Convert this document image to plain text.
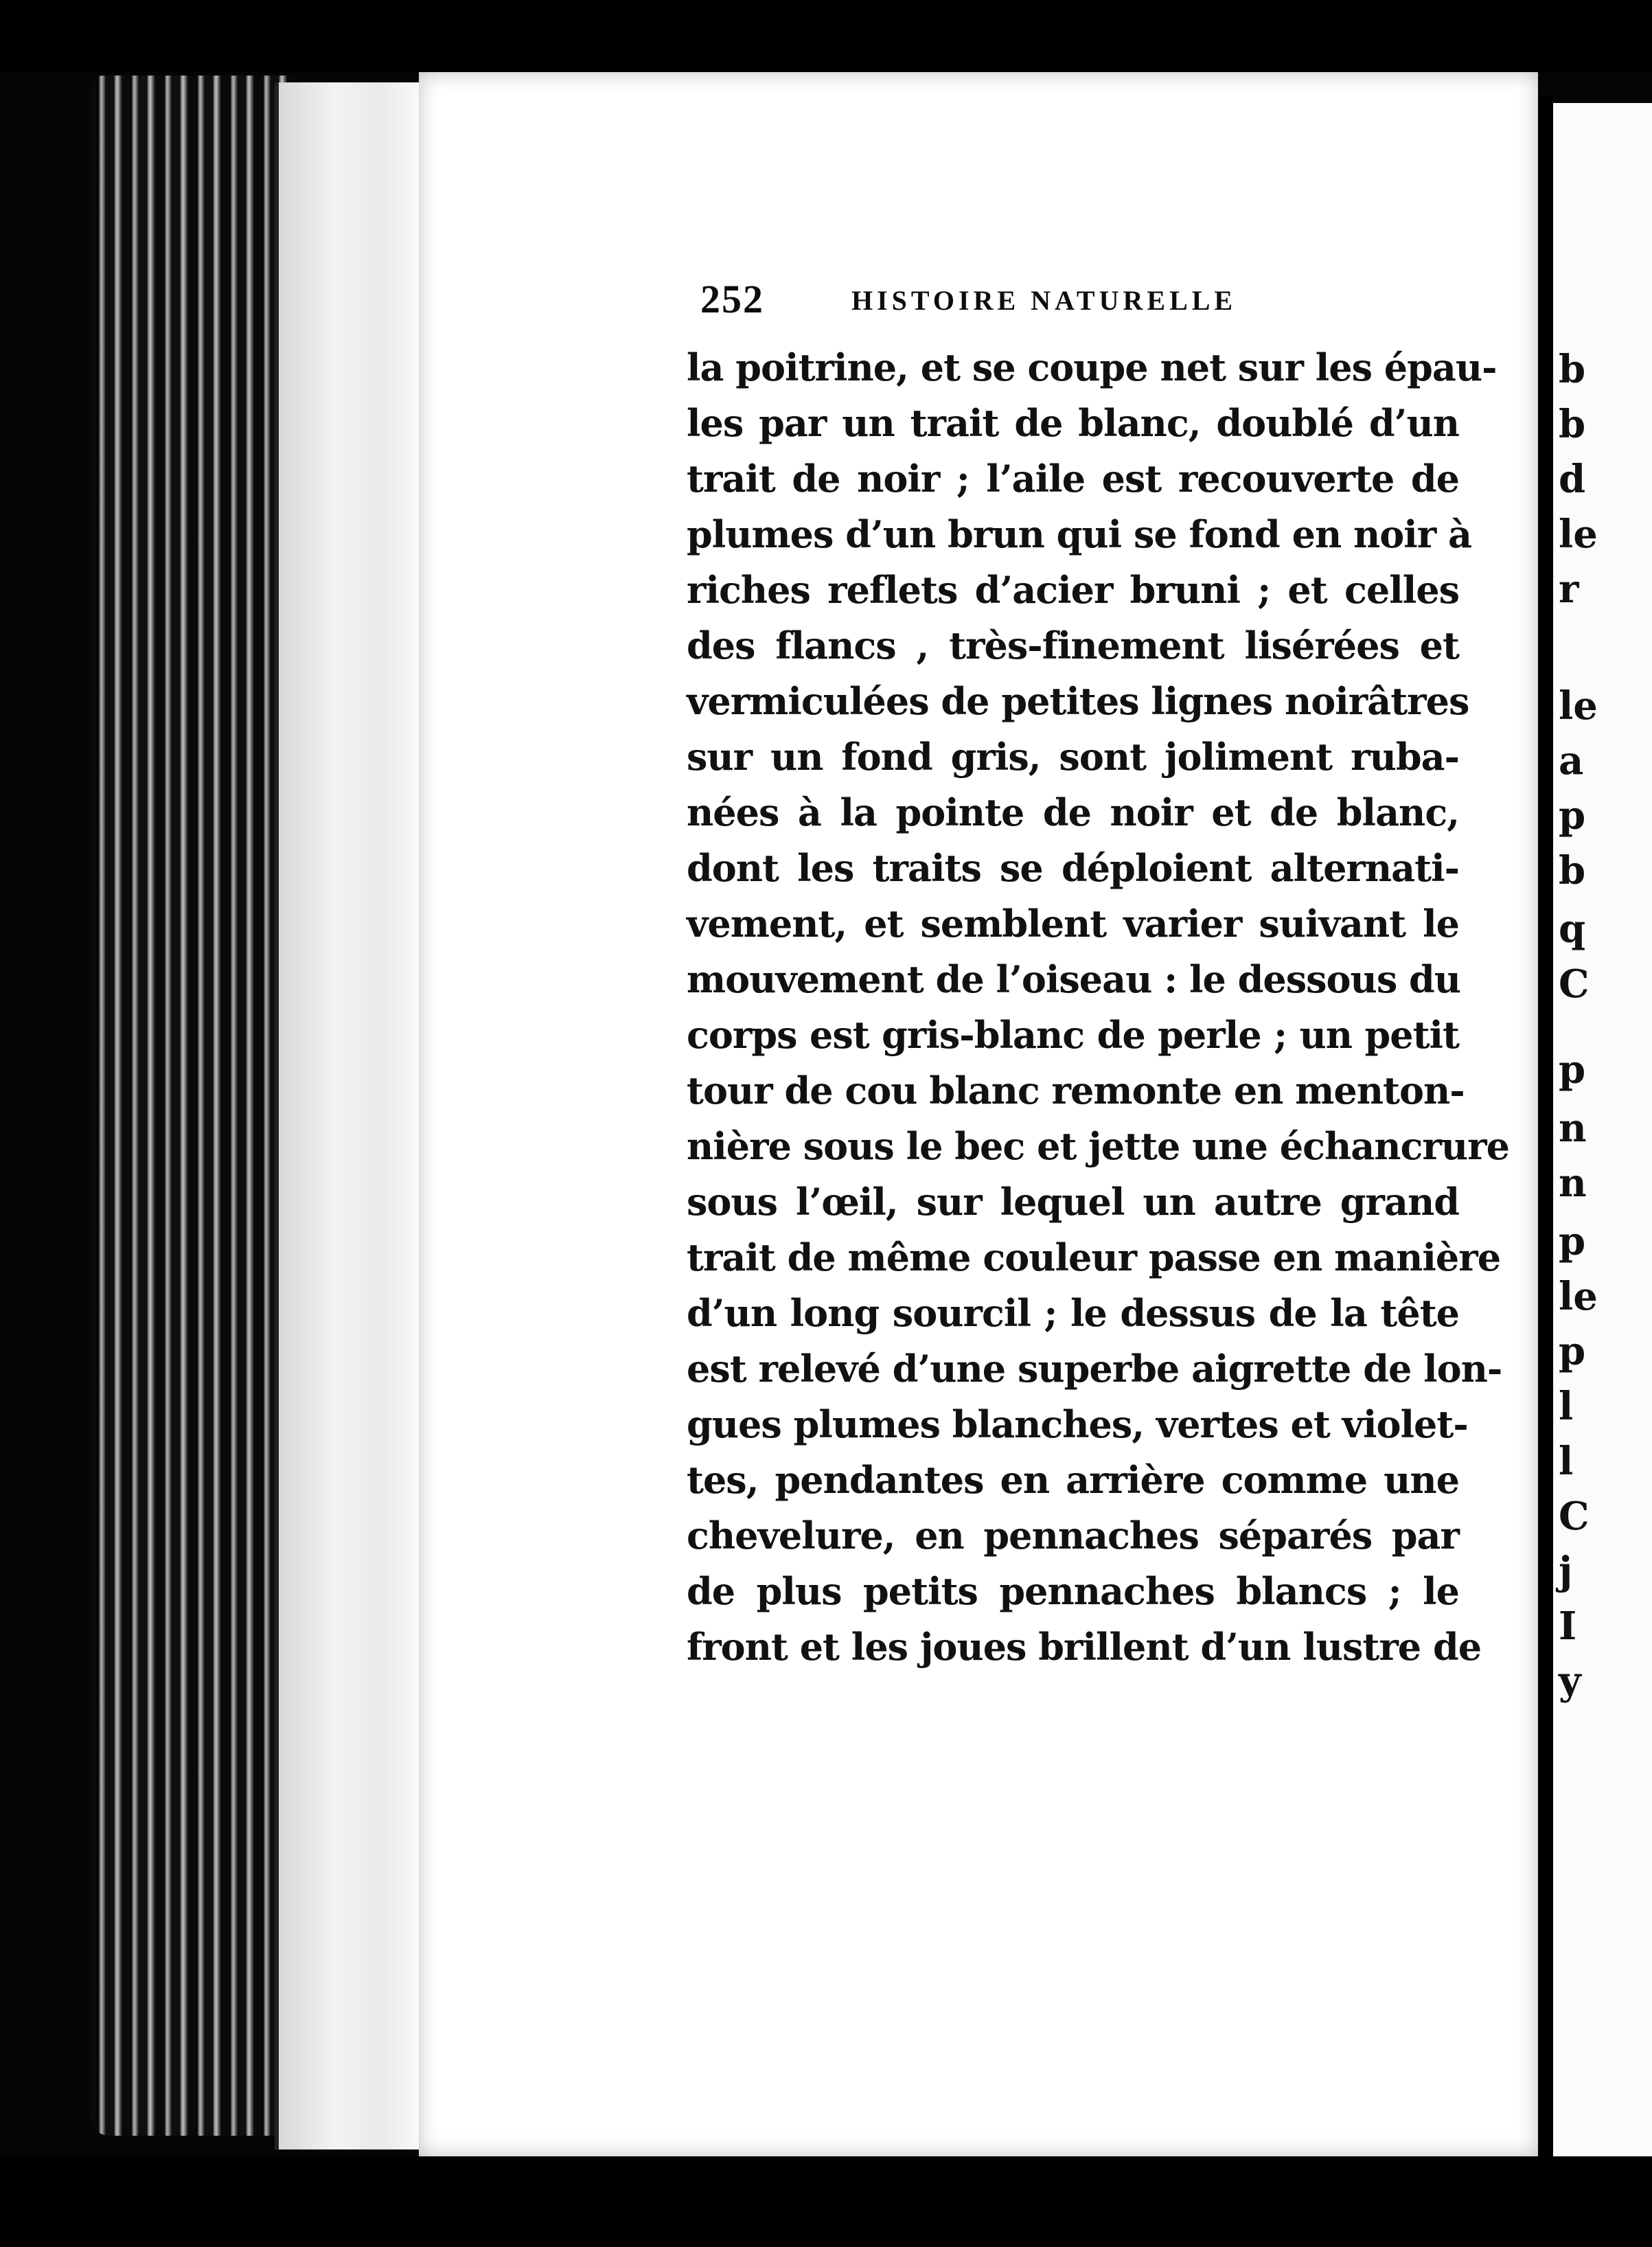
252	HISTOIRE NATURELLE
la poitrine, et se coupe net sur les épau-
les par un trait de blanc, doublé d’un
trait de noir ; l’aile est recouverte de
plumes d’un brun qui se fond en noir à
riches reflets d’acier bruni ; et celles
des flancs , très-finement lisérées et
vermiculées de petites lignes noirâtres
sur un fond gris, sont joliment ruba-
nées à la pointe de noir et de blanc,
dont les traits se déploient alternati-
vement, et semblent varier suivant le
mouvement de l’oiseau : le dessous du
corps est gris-blanc de perle ; un petit
tour de cou blanc remonte en menton-
nière sous le bec et jette une échancrure
sous l’œil, sur lequel un autre grand
trait de même couleur passe en manière
d’un long sourcil ; le dessus de la tête
est relevé d’une superbe aigrette de lon-
gues plumes blanches, vertes et violet-
tes, pendantes en arrière comme une
chevelure, en pennaches séparés par
de plus petits pennaches blancs ; le
front et les joues brillent d’un lustre de
b
b
d
le
r
le
a
p
b
q
C
p
n
n
p
le
p
l
l
C
j
I
y
